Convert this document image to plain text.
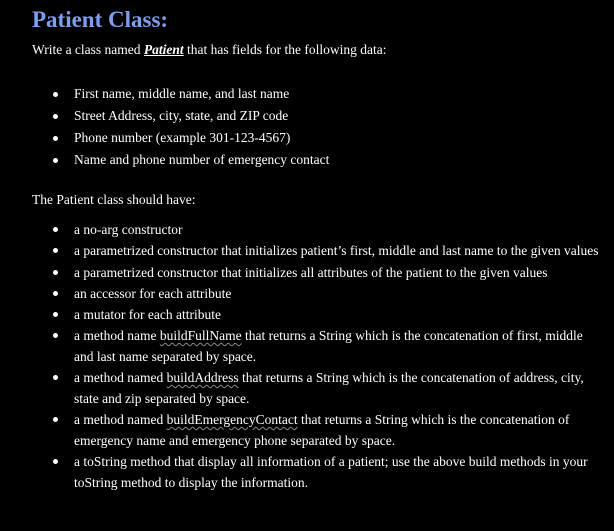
Patient Class:
Write a class named Patient that has fields for the following data:
First name, middle name, and last name
Street Address, city, state, and ZIP code
Phone number (example 301-123-4567)
Name and phone number of emergency contact
The Patient class should have:
a no-arg constructor
a parametrized constructor that initializes patient’s first, middle and last name to the given values
a parametrized constructor that initializes all attributes of the patient to the given values
an accessor for each attribute
a mutator for each attribute
a method name buildFullName that returns a String which is the concatenation of first, middle and last name separated by space.
a method named buildAddress that returns a String which is the concatenation of address, city, state and zip separated by space.
a method named buildEmergencyContact that returns a String which is the concatenation of emergency name and emergency phone separated by space.
a toString method that display all information of a patient; use the above build methods in your toString method to display the information.
